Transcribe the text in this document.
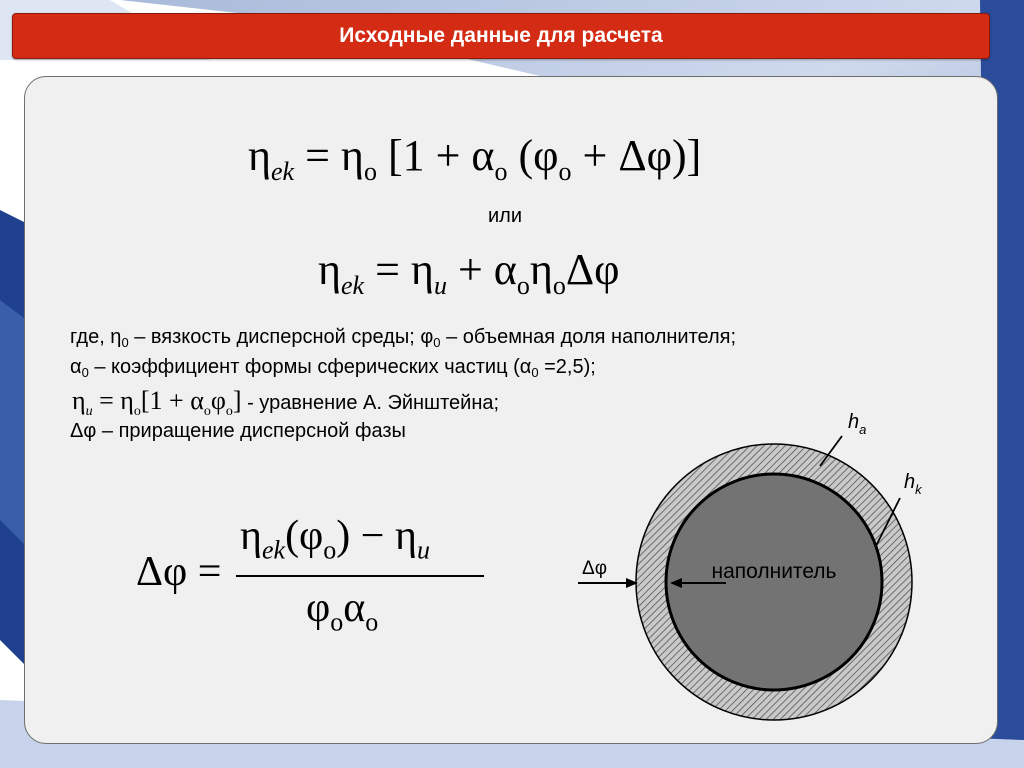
Исходные данные для расчета
$\eta_{ek} = \eta_o$ [$1 + \alpha_o$ $(\varphi_o + \Delta\varphi)$]
или
$\eta_{ek} = \eta_и + \alpha_o\eta_o\Delta\varphi$
где, $\eta_0$ – вязкость дисперсной среды; $\varphi_0$ – объемная доля наполнителя;
$\alpha_0$ – коэффициент формы сферических частиц $(\alpha_0 =2,5)$;
$\eta_и = \eta_o[1 + \alpha_o\varphi_o]$ - уравнение А. Эйнштейна;
Δφ – приращение дисперсной фазы
Δφ =
$\eta_{ek}(\varphi_o) - \eta_и$
$\varphi_o\alpha_o$
наполнитель
Δφ
$h_a$
$h_k$
